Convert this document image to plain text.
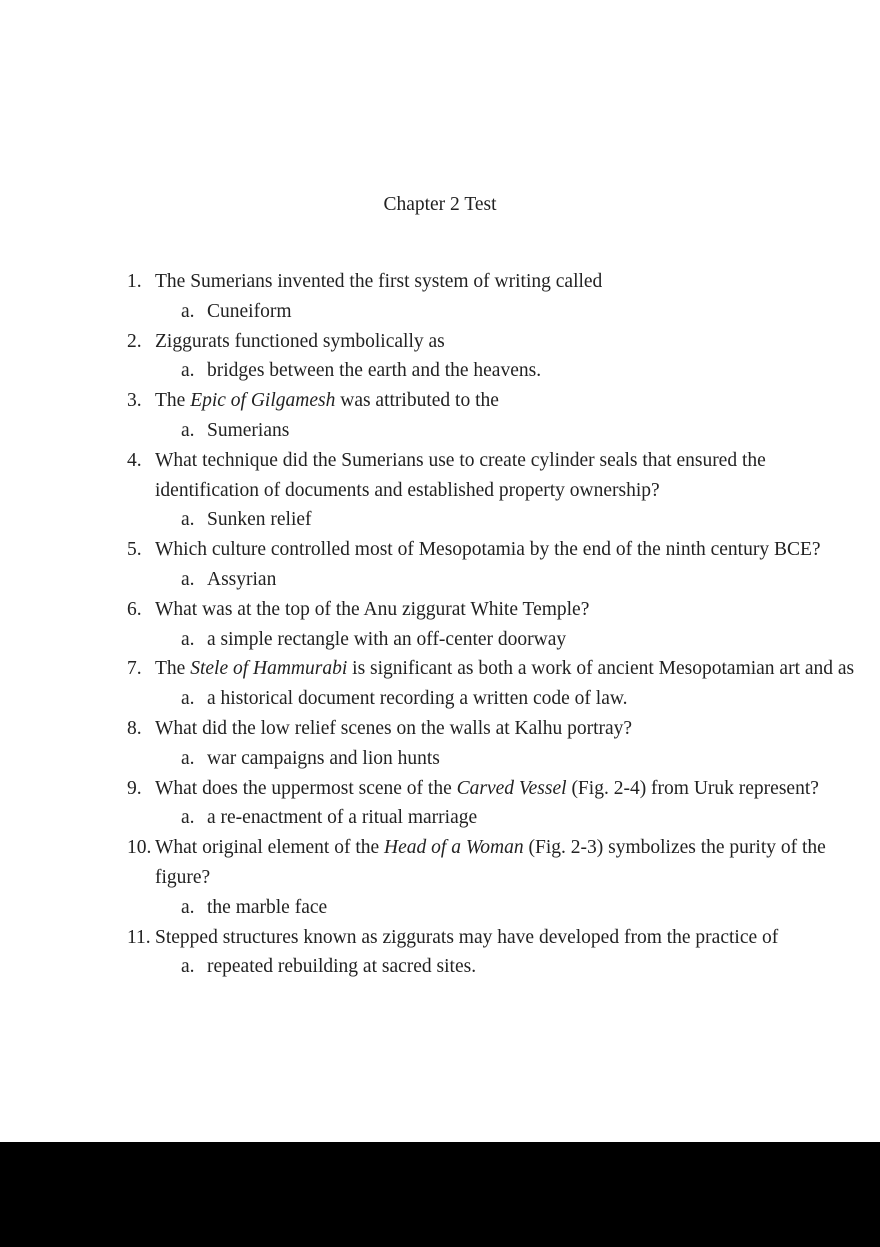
Chapter 2 Test
1. The Sumerians invented the first system of writing called
a. Cuneiform
2. Ziggurats functioned symbolically as
a. bridges between the earth and the heavens.
3. The Epic of Gilgamesh was attributed to the
a. Sumerians
4. What technique did the Sumerians use to create cylinder seals that ensured the
identification of documents and established property ownership?
a. Sunken relief
5. Which culture controlled most of Mesopotamia by the end of the ninth century BCE?
a. Assyrian
6. What was at the top of the Anu ziggurat White Temple?
a. a simple rectangle with an off-center doorway
7. The Stele of Hammurabi is significant as both a work of ancient Mesopotamian art and as
a. a historical document recording a written code of law.
8. What did the low relief scenes on the walls at Kalhu portray?
a. war campaigns and lion hunts
9. What does the uppermost scene of the Carved Vessel (Fig. 2-4) from Uruk represent?
a. a re-enactment of a ritual marriage
10. What original element of the Head of a Woman (Fig. 2-3) symbolizes the purity of the
figure?
a. the marble face
11. Stepped structures known as ziggurats may have developed from the practice of
a. repeated rebuilding at sacred sites.
